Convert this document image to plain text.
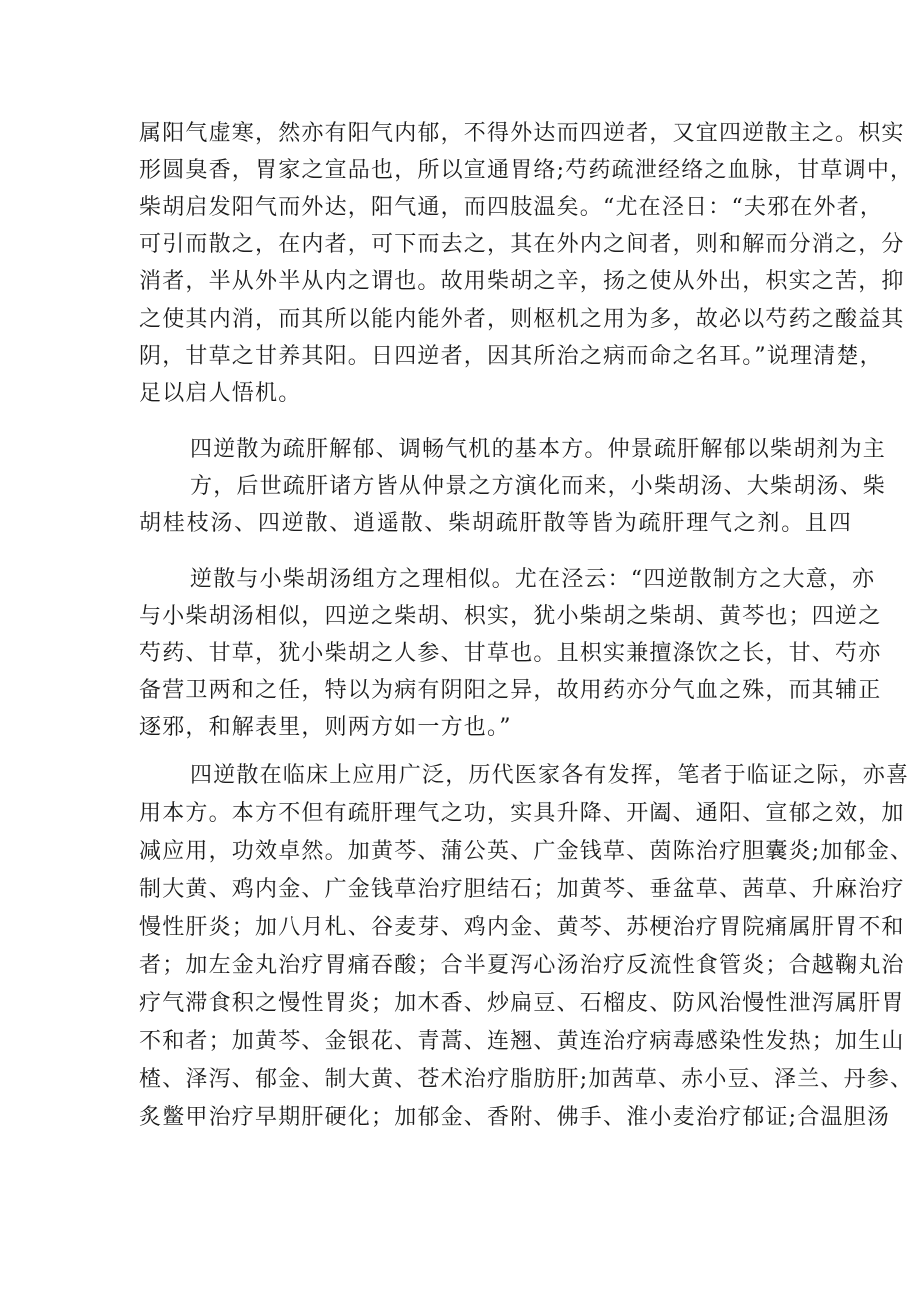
属阳气虚寒，然亦有阳气内郁，不得外达而四逆者，又宜四逆散主之。枳实
形圆臭香，胃家之宣品也，所以宣通胃络;芍药疏泄经络之血脉，甘草调中，
柴胡启发阳气而外达，阳气通，而四肢温矣。“尤在泾日：“夫邪在外者，
可引而散之，在内者，可下而去之，其在外内之间者，则和解而分消之，分
消者，半从外半从内之谓也。故用柴胡之辛，扬之使从外出，枳实之苦，抑
之使其内消，而其所以能内能外者，则枢机之用为多，故必以芍药之酸益其
阴，甘草之甘养其阳。日四逆者，因其所治之病而命之名耳。”说理清楚，
足以启人悟机。
四逆散为疏肝解郁、调畅气机的基本方。仲景疏肝解郁以柴胡剂为主
方，后世疏肝诸方皆从仲景之方演化而来，小柴胡汤、大柴胡汤、柴
胡桂枝汤、四逆散、逍遥散、柴胡疏肝散等皆为疏肝理气之剂。且四
逆散与小柴胡汤组方之理相似。尤在泾云：“四逆散制方之大意，亦
与小柴胡汤相似，四逆之柴胡、枳实，犹小柴胡之柴胡、黄芩也；四逆之
芍药、甘草，犹小柴胡之人参、甘草也。且枳实兼擅涤饮之长，甘、芍亦
备营卫两和之任，特以为病有阴阳之异，故用药亦分气血之殊，而其辅正
逐邪，和解表里，则两方如一方也。”
四逆散在临床上应用广泛，历代医家各有发挥，笔者于临证之际，亦喜
用本方。本方不但有疏肝理气之功，实具升降、开阖、通阳、宣郁之效，加
减应用，功效卓然。加黄芩、蒲公英、广金钱草、茵陈治疗胆囊炎;加郁金、
制大黄、鸡内金、广金钱草治疗胆结石；加黄芩、垂盆草、茜草、升麻治疗
慢性肝炎；加八月札、谷麦芽、鸡内金、黄芩、苏梗治疗胃院痛属肝胃不和
者；加左金丸治疗胃痛吞酸；合半夏泻心汤治疗反流性食管炎；合越鞠丸治
疗气滞食积之慢性胃炎；加木香、炒扁豆、石榴皮、防风治慢性泄泻属肝胃
不和者；加黄芩、金银花、青蒿、连翘、黄连治疗病毒感染性发热；加生山
楂、泽泻、郁金、制大黄、苍术治疗脂肪肝;加茜草、赤小豆、泽兰、丹参、
炙鳖甲治疗早期肝硬化；加郁金、香附、佛手、淮小麦治疗郁证;合温胆汤
